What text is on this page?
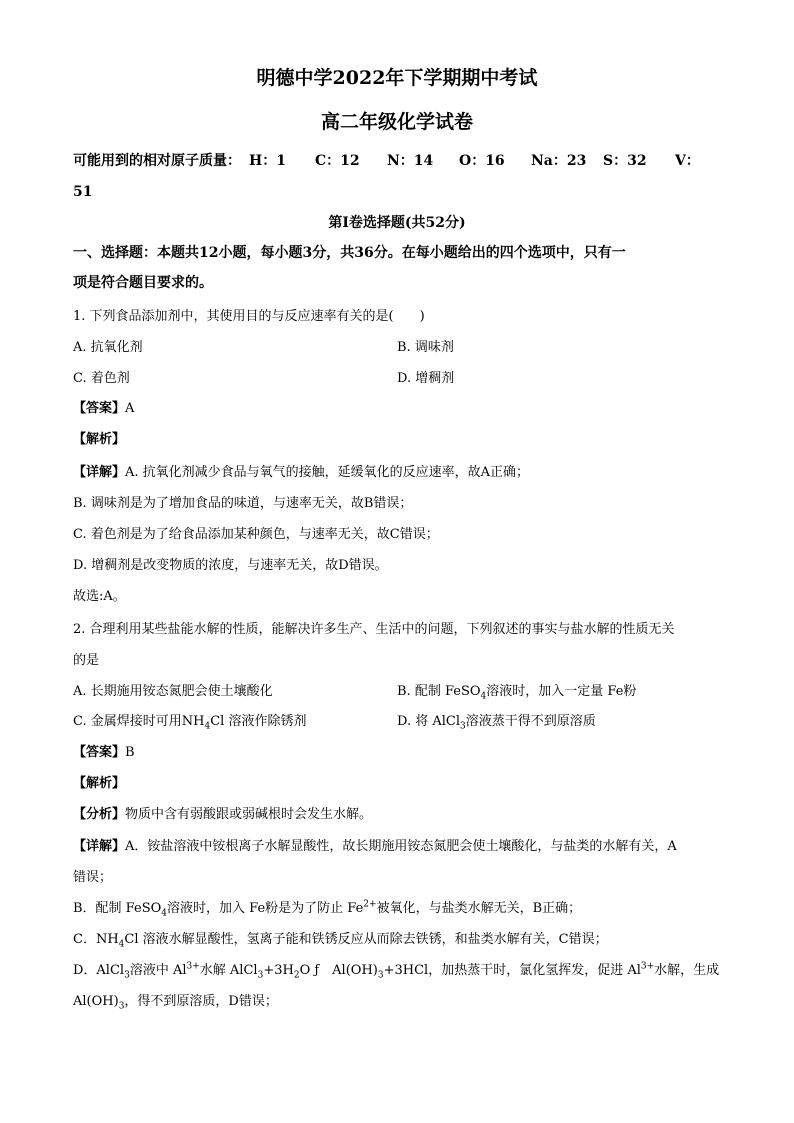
明德中学2022年下学期期中考试
高二年级化学试卷
可能用到的相对原子质量： H：1 C：12 N：14 O：16 Na：23 S：32 V：
51
第I卷选择题(共52分)
一、选择题：本题共12小题，每小题3分，共36分。在每小题给出的四个选项中，只有一
项是符合题目要求的。
1. 下列食品添加剂中，其使用目的与反应速率有关的是(　　)
A. 抗氧化剂	B. 调味剂
C. 着色剂	D. 增稠剂
【答案】A
【解析】
【详解】A. 抗氧化剂减少食品与氧气的接触，延缓氧化的反应速率，故A正确；
B. 调味剂是为了增加食品的味道，与速率无关，故B错误；
C. 着色剂是为了给食品添加某种颜色，与速率无关，故C错误；
D. 增稠剂是改变物质的浓度，与速率无关，故D错误。
故选:A。
2. 合理利用某些盐能水解的性质，能解决许多生产、生活中的问题，下列叙述的事实与盐水解的性质无关
的是
A. 长期施用铵态氮肥会使土壤酸化	B. 配制 FeSO$_4$溶液时，加入一定量 Fe粉
C. 金属焊接时可用$NH_4Cl$ 溶液作除锈剂	D. 将 AlCl$_3$溶液蒸干得不到原溶质
【答案】B
【解析】
【分析】物质中含有弱酸跟或弱碱根时会发生水解。
【详解】A．铵盐溶液中铵根离子水解显酸性，故长期施用铵态氮肥会使土壤酸化，与盐类的水解有关，A
错误；
B．配制 FeSO$_4$溶液时，加入 Fe粉是为了防止 $Fe^{2+}$被氧化，与盐类水解无关，B正确；
C．$NH_4Cl$ 溶液水解显酸性，氢离子能和铁锈反应从而除去铁锈，和盐类水解有关，C错误；
D．AlCl$_3$溶液中 $Al^{3+}$水解 $AlCl_3+3H_2O$ ƒ　$Al(OH)_3+3HCl$，加热蒸干时，氯化氢挥发，促进 $Al^{3+}$水解，生成
$Al(OH)_3$，得不到原溶质，D错误；
